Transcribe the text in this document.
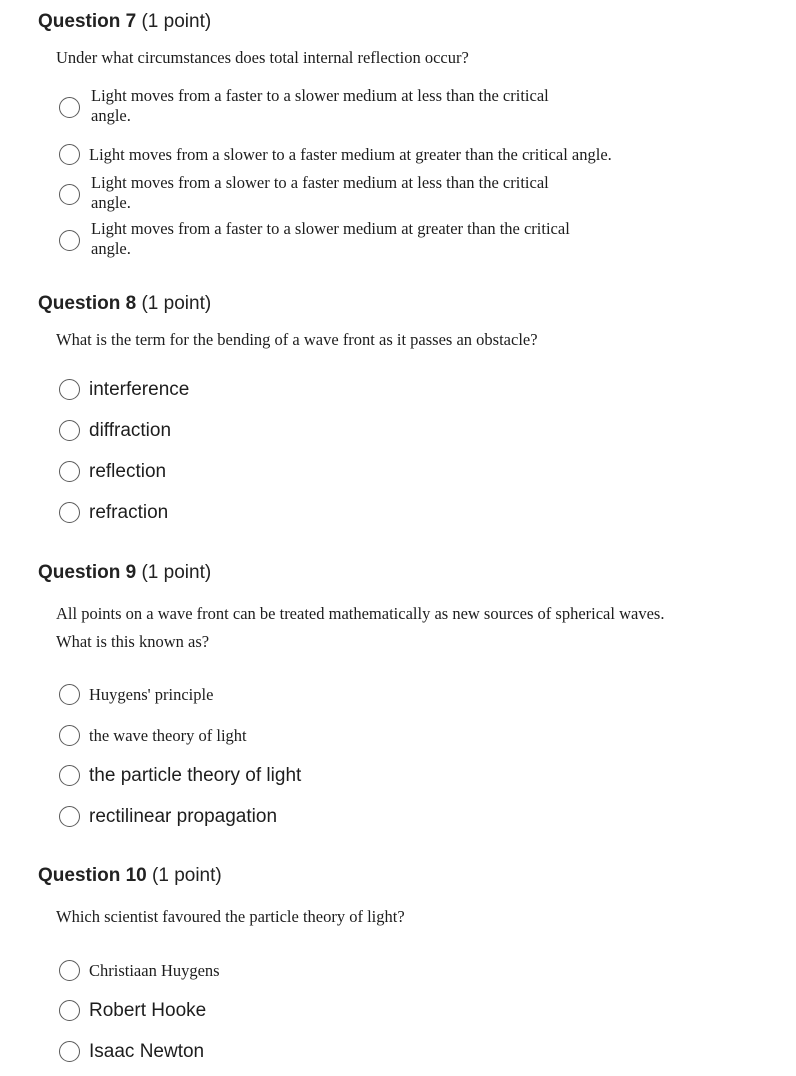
Question 7 (1 point)
Under what circumstances does total internal reflection occur?
Light moves from a faster to a slower medium at less than the critical
angle.
Light moves from a slower to a faster medium at greater than the critical angle.
Light moves from a slower to a faster medium at less than the critical
angle.
Light moves from a faster to a slower medium at greater than the critical
angle.
Question 8 (1 point)
What is the term for the bending of a wave front as it passes an obstacle?
interference
diffraction
reflection
refraction
Question 9 (1 point)
All points on a wave front can be treated mathematically as new sources of spherical waves.
What is this known as?
Huygens' principle
the wave theory of light
the particle theory of light
rectilinear propagation
Question 10 (1 point)
Which scientist favoured the particle theory of light?
Christiaan Huygens
Robert Hooke
Isaac Newton
